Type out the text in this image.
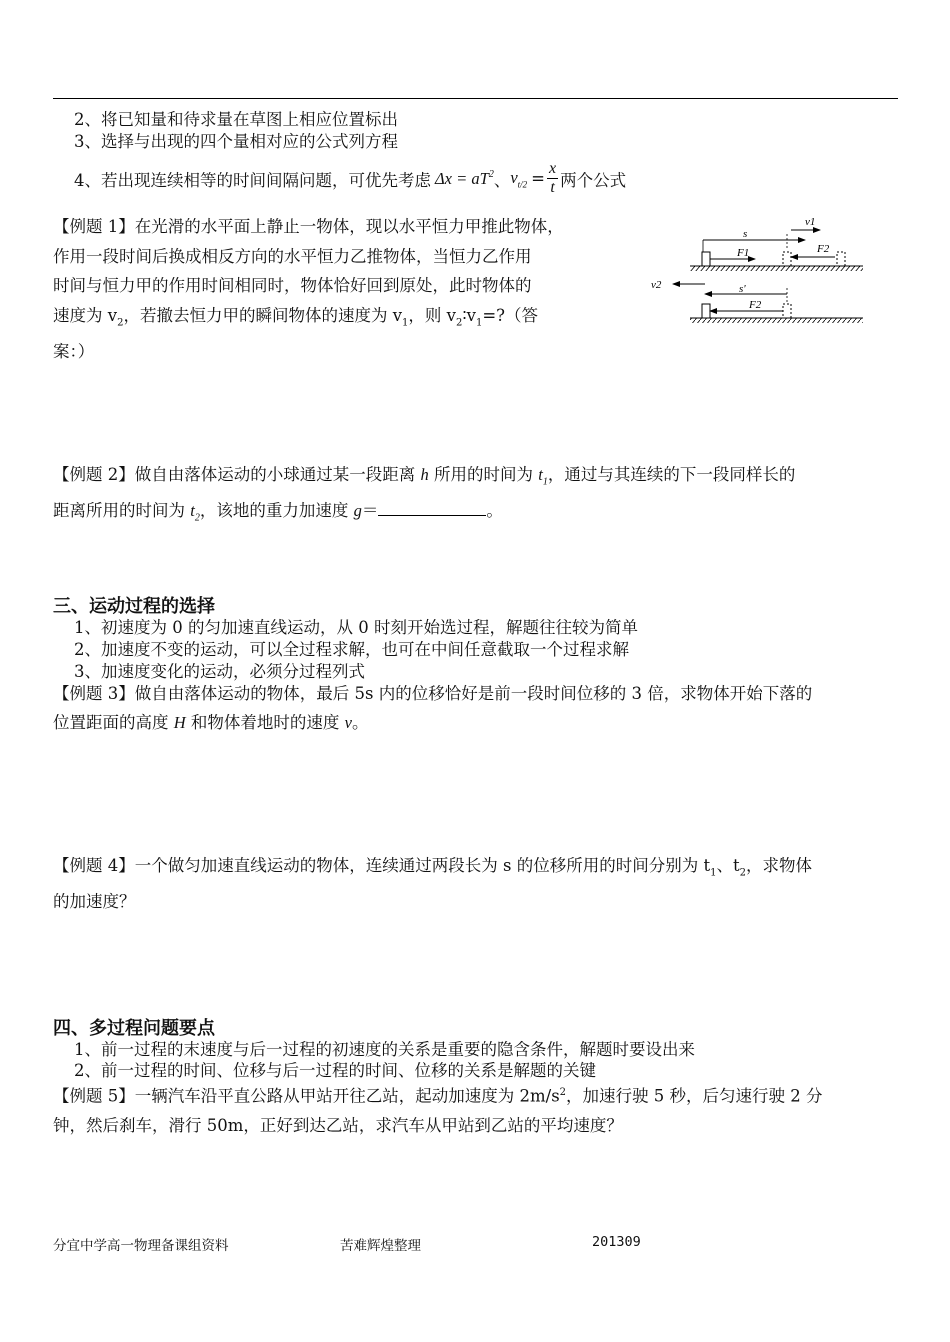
2、将已知量和待求量在草图上相应位置标出
3、选择与出现的四个量相对应的公式列方程
4、若出现连续相等的时间间隔问题，可优先考虑 $\Delta x = aT^2$ 、 $v_{t/2} = \frac{x}{t}$ 两个公式
【例题 1】在光滑的水平面上静止一物体，现以水平恒力甲推此物体，
作用一段时间后换成相反方向的水平恒力乙推物体，当恒力乙作用
时间与恒力甲的作用时间相同时，物体恰好回到原处，此时物体的
速度为 $v_2$，若撤去恒力甲的瞬间物体的速度为 $v_1$，则 $v_2∶v_1=$?（答
案：）
s
v1
F1	F2
v2	s'
F2
【例题 2】做自由落体运动的小球通过某一段距离 h 所用的时间为 $t_1$，通过与其连续的下一段同样长的
距离所用的时间为 $t_2$，该地的重力加速度 g＝	。
三、运动过程的选择
1、初速度为 0 的匀加速直线运动，从 0 时刻开始选过程，解题往往较为简单
2、加速度不变的运动，可以全过程求解，也可在中间任意截取一个过程求解
3、加速度变化的运动，必须分过程列式
【例题 3】做自由落体运动的物体，最后 5s 内的位移恰好是前一段时间位移的 3 倍，求物体开始下落的
位置距面的高度 H 和物体着地时的速度 v。
【例题 4】一个做匀加速直线运动的物体，连续通过两段长为 s 的位移所用的时间分别为 $t_1$、$t_2$，求物体
的加速度？
四、多过程问题要点
1、前一过程的末速度与后一过程的初速度的关系是重要的隐含条件，解题时要设出来
2、前一过程的时间、位移与后一过程的时间、位移的关系是解题的关键
【例题 5】一辆汽车沿平直公路从甲站开往乙站，起动加速度为 $2m/s^2$，加速行驶 5 秒，后匀速行驶 2 分
钟，然后刹车，滑行 50m，正好到达乙站，求汽车从甲站到乙站的平均速度？
分宜中学高一物理备课组资料	苦难辉煌整理	201309
